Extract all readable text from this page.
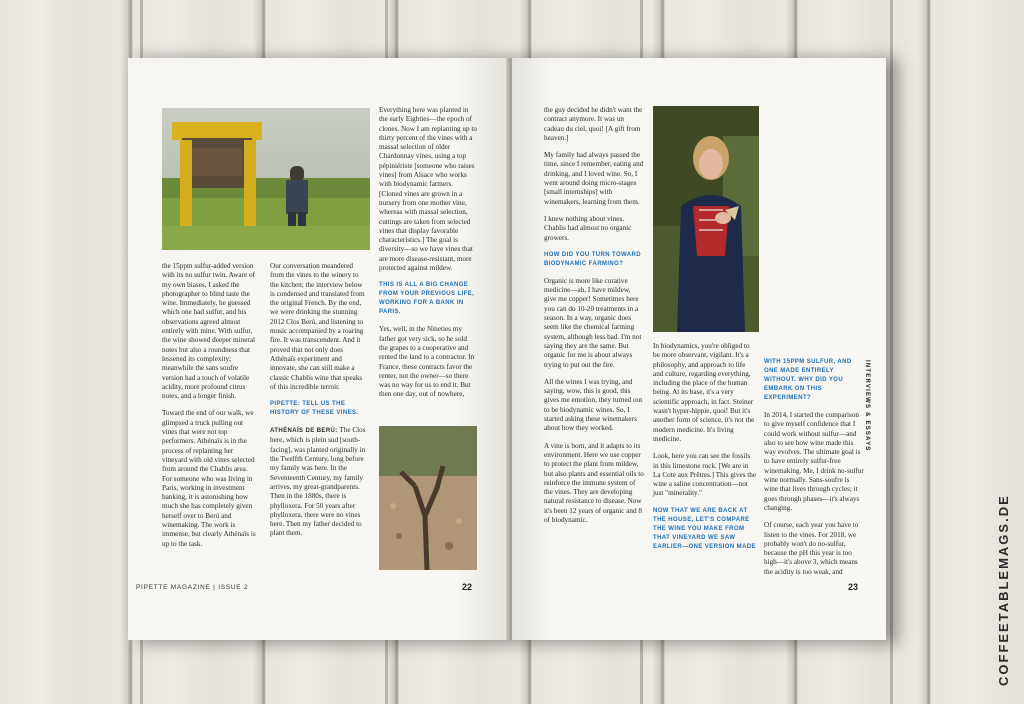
the 15ppm sulfur-added version with its no sulfur twin. Aware of my own biases, I asked the photographer to blind taste the wine. Immediately, he guessed which one had sulfur, and his observations agreed almost entirely with mine. With sulfur, the wine showed deeper mineral notes but also a roundness that lessened its complexity; meanwhile the sans soufre version had a touch of volatile acidity, more profound citrus notes, and a longer finish.

Toward the end of our walk, we glimpsed a truck pulling out vines that were not top performers. Athénaïs is in the process of replanting her vineyard with old vines selected from around the Chablis area. For someone who was living in Paris, working in investment banking, it is astonishing how much she has completely given herself over to Berú and winemaking. The work is immense, but clearly Athénaïs is up to the task.

Our conversation meandered from the vines to the winery to the kitchen; the interview below is condensed and translated from the original French. By the end, we were drinking the stunning 2012 Clos Berú, and listening to music accompanied by a roaring fire. It was transcendent. And it proved that not only does Athénaïs experiment and innovate, she can still make a classic Chablis wine that speaks of this incredible terroir.

PIPETTE: TELL US THE HISTORY OF THESE VINES.

ATHÉNAÏS DE BERÚ: The Clos here, which is plein sud [south-facing], was planted originally in the Twelfth Century, long before my family was here. In the Seventeenth Century, my family arrives, my great-grandparents. Then in the 1880s, there is phylloxera. For 50 years after phylloxera, there were no vines here. Then my father decided to plant them.

Everything here was planted in the early Eighties—the epoch of clones. Now I am replanting up to thirty percent of the vines with a massal selection of older Chardonnay vines, using a top pépiniériste [someone who raises vines] from Alsace who works with biodynamic farmers. [Cloned vines are grown in a nursery from one mother vine, whereas with massal selection, cuttings are taken from selected vines that display favorable characteristics.] The goal is diversity—so we have vines that are more disease-resistant, more protected against mildew.

THIS IS ALL A BIG CHANGE FROM YOUR PREVIOUS LIFE, WORKING FOR A BANK IN PARIS.

Yes, well, in the Nineties my father got very sick, so he sold the grapes to a cooperative and rented the land to a contractor. In France, these contracts favor the renter, not the owner—so there was no way for us to end it. But then one day, out of nowhere,

PIPETTE MAGAZINE | ISSUE 2	22

the guy decided he didn't want the contract anymore. It was un cadeau du ciel, quoi! [A gift from heaven.]

My family had always passed the time, since I remember, eating and drinking, and I loved wine. So, I went around doing micro-stages [small internships] with winemakers, learning from them.

I knew nothing about vines. Chablis had almost no organic growers.

HOW DID YOU TURN TOWARD BIODYNAMIC FARMING?

Organic is more like curative medicine—ah, I have mildew, give me copper! Sometimes here you can do 10-20 treatments in a season. In a way, organic does seem like the chemical farming system, although less bad. I'm not saying they are the same. But organic for me is about always trying to put out the fire.

All the wines I was trying, and saying, wow, this is good, this gives me emotion, they turned out to be biodynamic wines. So, I started asking these winemakers about how they worked.

A vine is born, and it adapts to its environment. Here we use copper to protect the plant from mildew, but also plants and essential oils to reinforce the immune system of the vines. They are developing natural resistance to disease. Now it's been 12 years of organic and 8 of biodynamic.

In biodynamics, you're obliged to be more observant, vigilant. It's a philosophy, and approach to life and culture, regarding everything, including the place of the human being. At its base, it's a very scientific approach, in fact. Steiner wasn't hyper-hippie, quoi! But it's another form of science, it's not the modern medicine. It's living medicine.

Look, here you can see the fossils in this limestone rock. [We are in La Cote aux Prêtres.] This gives the wine a saline concentration—not just "minerality."

NOW THAT WE ARE BACK AT THE HOUSE, LET'S COMPARE THE WINE YOU MAKE FROM THAT VINEYARD WE SAW EARLIER—ONE VERSION MADE
WITH 15PPM SULFUR, AND ONE MADE ENTIRELY WITHOUT. WHY DID YOU EMBARK ON THIS EXPERIMENT?

In 2014, I started the comparison to give myself confidence that I could work without sulfur—and also to see how wine made this way evolves. The ultimate goal is to have entirely sulfur-free winemaking. Me, I drink no-sulfur wine normally. Sans-soufre is wine that lives through cycles; it goes through phases—it's always changing.

Of course, each year you have to listen to the vines. For 2018, we probably won't do no-sulfur, because the pH this year is too high—it's above 3, which means the acidity is too weak, and

INTERVIEWS & ESSAYS
23	COFFEETABLEMAGS.DE
